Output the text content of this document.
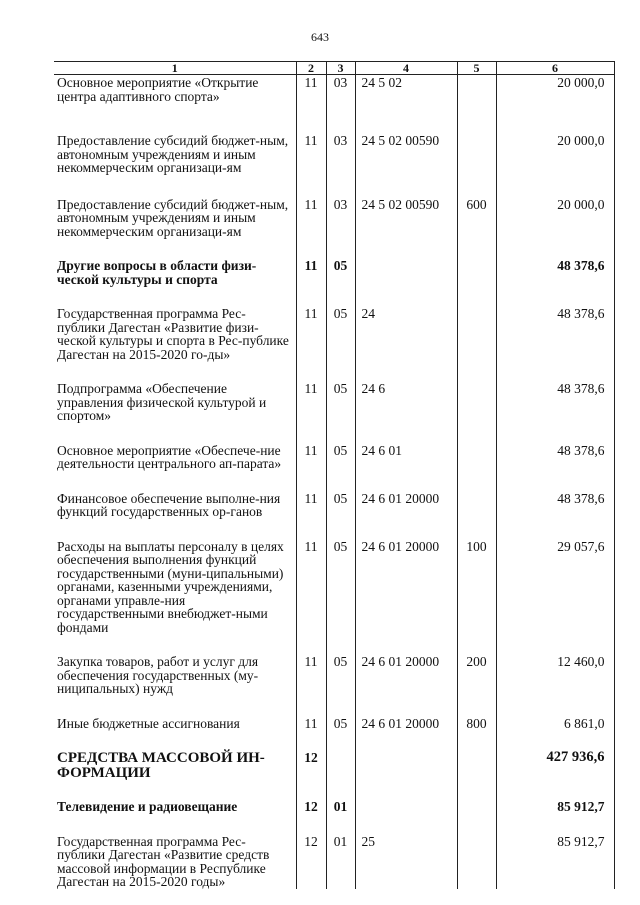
643
1	2	3	4	5	6
Основное мероприятие «Открытие центра адаптивного спорта»	11	03	24 5 02		20 000,0
Предоставление субсидий бюджет-ным, автономным учреждениям и иным некоммерческим организаци-ям	11	03	24 5 02 00590		20 000,0
Предоставление субсидий бюджет-ным, автономным учреждениям и иным некоммерческим организаци-ям	11	03	24 5 02 00590	600	20 000,0
Другие вопросы в области физи-ческой культуры и спорта	11	05			48 378,6
Государственная программа Рес-публики Дагестан «Развитие физи-ческой культуры и спорта в Рес-публике Дагестан на 2015-2020 го-ды»	11	05	24		48 378,6
Подпрограмма «Обеспечение управления физической культурой и спортом»	11	05	24 6		48 378,6
Основное мероприятие «Обеспече-ние деятельности центрального ап-парата»	11	05	24 6 01		48 378,6
Финансовое обеспечение выполне-ния функций государственных ор-ганов	11	05	24 6 01 20000		48 378,6
Расходы на выплаты персоналу в целях обеспечения выполнения функций государственными (муни-ципальными) органами, казенными учреждениями, органами управле-ния государственными внебюджет-ными фондами	11	05	24 6 01 20000	100	29 057,6
Закупка товаров, работ и услуг для обеспечения государственных (му-ниципальных) нужд	11	05	24 6 01 20000	200	12 460,0
Иные бюджетные ассигнования	11	05	24 6 01 20000	800	6 861,0
СРЕДСТВА МАССОВОЙ ИН-ФОРМАЦИИ	12				427 936,6
Телевидение и радиовещание	12	01			85 912,7
Государственная программа Рес-публики Дагестан «Развитие средств массовой информации в Республике Дагестан на 2015-2020 годы»	12	01	25		85 912,7
